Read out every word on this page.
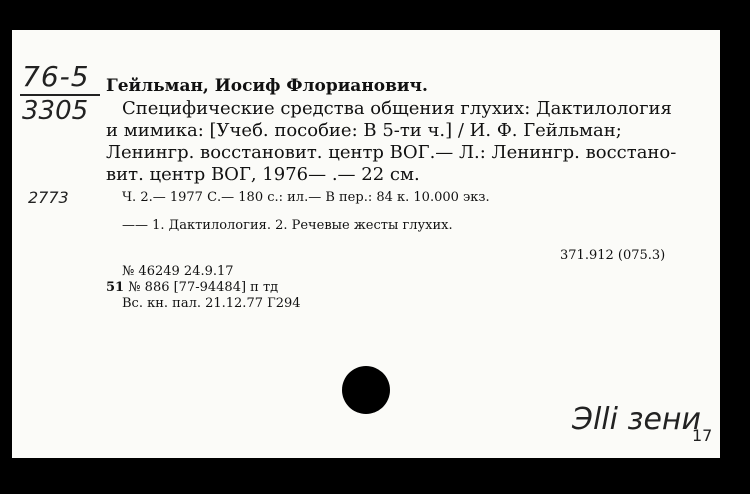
76-5
3305
2773
Гейльман, Иосиф Флорианович.
Специфические средства общения глухих: Дактилология
и мимика: [Учеб. пособие: В 5-ти ч.] / И. Ф. Гейльман;
Ленингр. восстановит. центр ВОГ.— Л.: Ленингр. восстано-
вит. центр ВОГ, 1976— .— 22 см.
Ч. 2.— 1977 С.— 180 с.: ил.— В пер.: 84 к. 10.000 экз.
—— 1. Дактилология. 2. Речевые жесты глухих.
371.912 (075.3)
№ 46249 24.9.17
51 № 886 [77-94484] п тд
Вс. кн. пал. 21.12.77 Г294
Эllі зени
17
